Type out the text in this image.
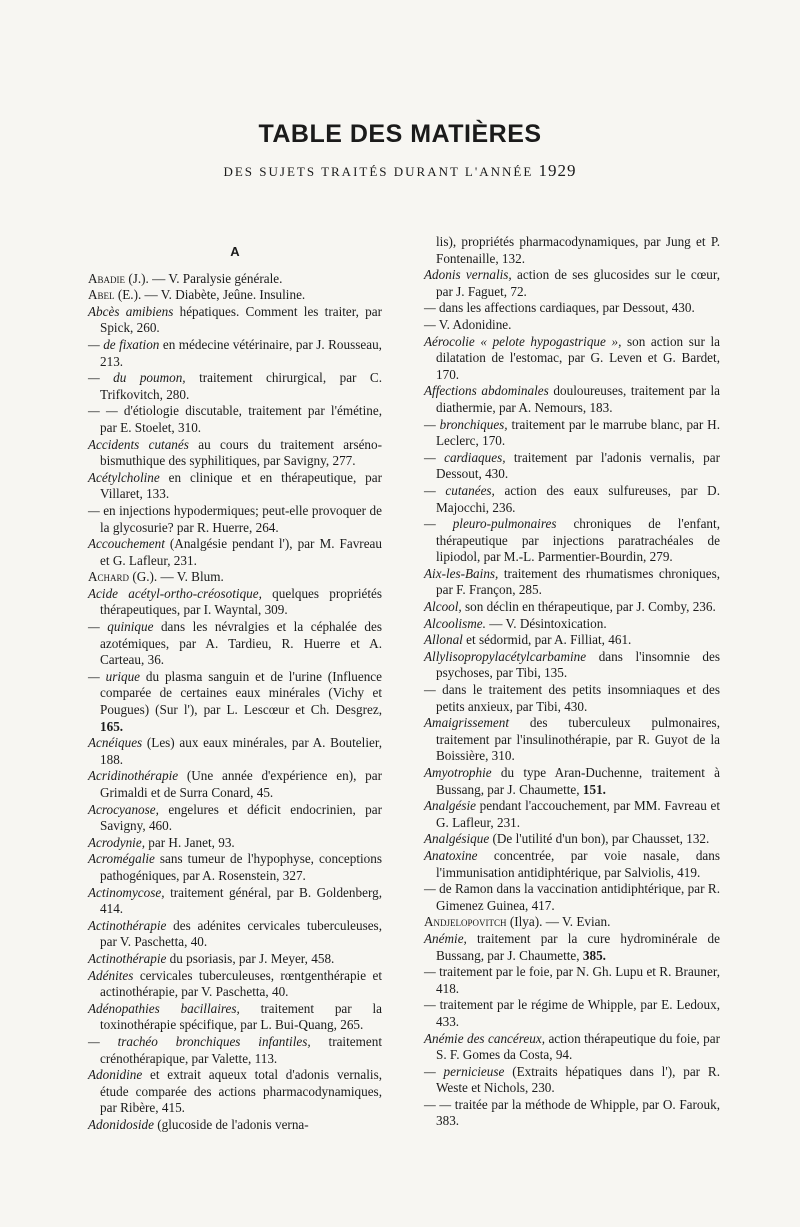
TABLE DES MATIÈRES
DES SUJETS TRAITÉS DURANT L'ANNÉE 1929
A

Abadie (J.). — V. Paralysie générale.

Abel (E.). — V. Diabète, Jeûne. Insuline.

Abcès amibiens hépatiques. Comment les traiter, par Spick, 260.

— de fixation en médecine vétérinaire, par J. Rousseau, 213.

— du poumon, traitement chirurgical, par C. Trifkovitch, 280.

— — d'étiologie discutable, traitement par l'émétine, par E. Stoelet, 310.

Accidents cutanés au cours du traitement arséno-bismuthique des syphilitiques, par Savigny, 277.

Acétylcholine en clinique et en thérapeutique, par Villaret, 133.

— en injections hypodermiques; peut-elle provoquer de la glycosurie? par R. Huerre, 264.

Accouchement (Analgésie pendant l'), par M. Favreau et G. Lafleur, 231.

Achard (G.). — V. Blum.

Acide acétyl-ortho-créosotique, quelques propriétés thérapeutiques, par I. Wayntal, 309.

— quinique dans les névralgies et la céphalée des azotémiques, par A. Tardieu, R. Huerre et A. Carteau, 36.

— urique du plasma sanguin et de l'urine (Influence comparée de certaines eaux minérales (Vichy et Pougues) (Sur l'), par L. Lescœur et Ch. Desgrez, 165.

Acnéiques (Les) aux eaux minérales, par A. Boutelier, 188.

Acridinothérapie (Une année d'expérience en), par Grimaldi et de Surra Conard, 45.

Acrocyanose, engelures et déficit endocrinien, par Savigny, 460.

Acrodynie, par H. Janet, 93.

Acromégalie sans tumeur de l'hypophyse, conceptions pathogéniques, par A. Rosenstein, 327.

Actinomycose, traitement général, par B. Goldenberg, 414.

Actinothérapie des adénites cervicales tuberculeuses, par V. Paschetta, 40.

Actinothérapie du psoriasis, par J. Meyer, 458.

Adénites cervicales tuberculeuses, rœntgenthérapie et actinothérapie, par V. Paschetta, 40.

Adénopathies bacillaires, traitement par la toxinothérapie spécifique, par L. Bui-Quang, 265.

— trachéo bronchiques infantiles, traitement crénothérapique, par Valette, 113.

Adonidine et extrait aqueux total d'adonis vernalis, étude comparée des actions pharmacodynamiques, par Ribère, 415.

Adonidoside (glucoside de l'adonis verna-

lis), propriétés pharmacodynamiques, par Jung et P. Fontenaille, 132.

Adonis vernalis, action de ses glucosides sur le cœur, par J. Faguet, 72.

— dans les affections cardiaques, par Dessout, 430.

— V. Adonidine.

Aérocolie « pelote hypogastrique », son action sur la dilatation de l'estomac, par G. Leven et G. Bardet, 170.

Affections abdominales douloureuses, traitement par la diathermie, par A. Nemours, 183.

— bronchiques, traitement par le marrube blanc, par H. Leclerc, 170.

— cardiaques, traitement par l'adonis vernalis, par Dessout, 430.

— cutanées, action des eaux sulfureuses, par D. Majocchi, 236.

— pleuro-pulmonaires chroniques de l'enfant, thérapeutique par injections paratrachéales de lipiodol, par M.-L. Parmentier-Bourdin, 279.

Aix-les-Bains, traitement des rhumatismes chroniques, par F. Françon, 285.

Alcool, son déclin en thérapeutique, par J. Comby, 236.

Alcoolisme. — V. Désintoxication.

Allonal et sédormid, par A. Filliat, 461.

Allylisopropylacétylcarbamine dans l'insomnie des psychoses, par Tibi, 135.

— dans le traitement des petits insomniaques et des petits anxieux, par Tibi, 430.

Amaigrissement des tuberculeux pulmonaires, traitement par l'insulinothérapie, par R. Guyot de la Boissière, 310.

Amyotrophie du type Aran-Duchenne, traitement à Bussang, par J. Chaumette, 151.

Analgésie pendant l'accouchement, par MM. Favreau et G. Lafleur, 231.

Analgésique (De l'utilité d'un bon), par Chausset, 132.

Anatoxine concentrée, par voie nasale, dans l'immunisation antidiphtérique, par Salviolis, 419.

— de Ramon dans la vaccination antidiphtérique, par R. Gimenez Guinea, 417.

Andjelopovitch (Ilya). — V. Evian.

Anémie, traitement par la cure hydrominérale de Bussang, par J. Chaumette, 385.

— traitement par le foie, par N. Gh. Lupu et R. Brauner, 418.

— traitement par le régime de Whipple, par E. Ledoux, 433.

Anémie des cancéreux, action thérapeutique du foie, par S. F. Gomes da Costa, 94.

— pernicieuse (Extraits hépatiques dans l'), par R. Weste et Nichols, 230.

— — traitée par la méthode de Whipple, par O. Farouk, 383.
